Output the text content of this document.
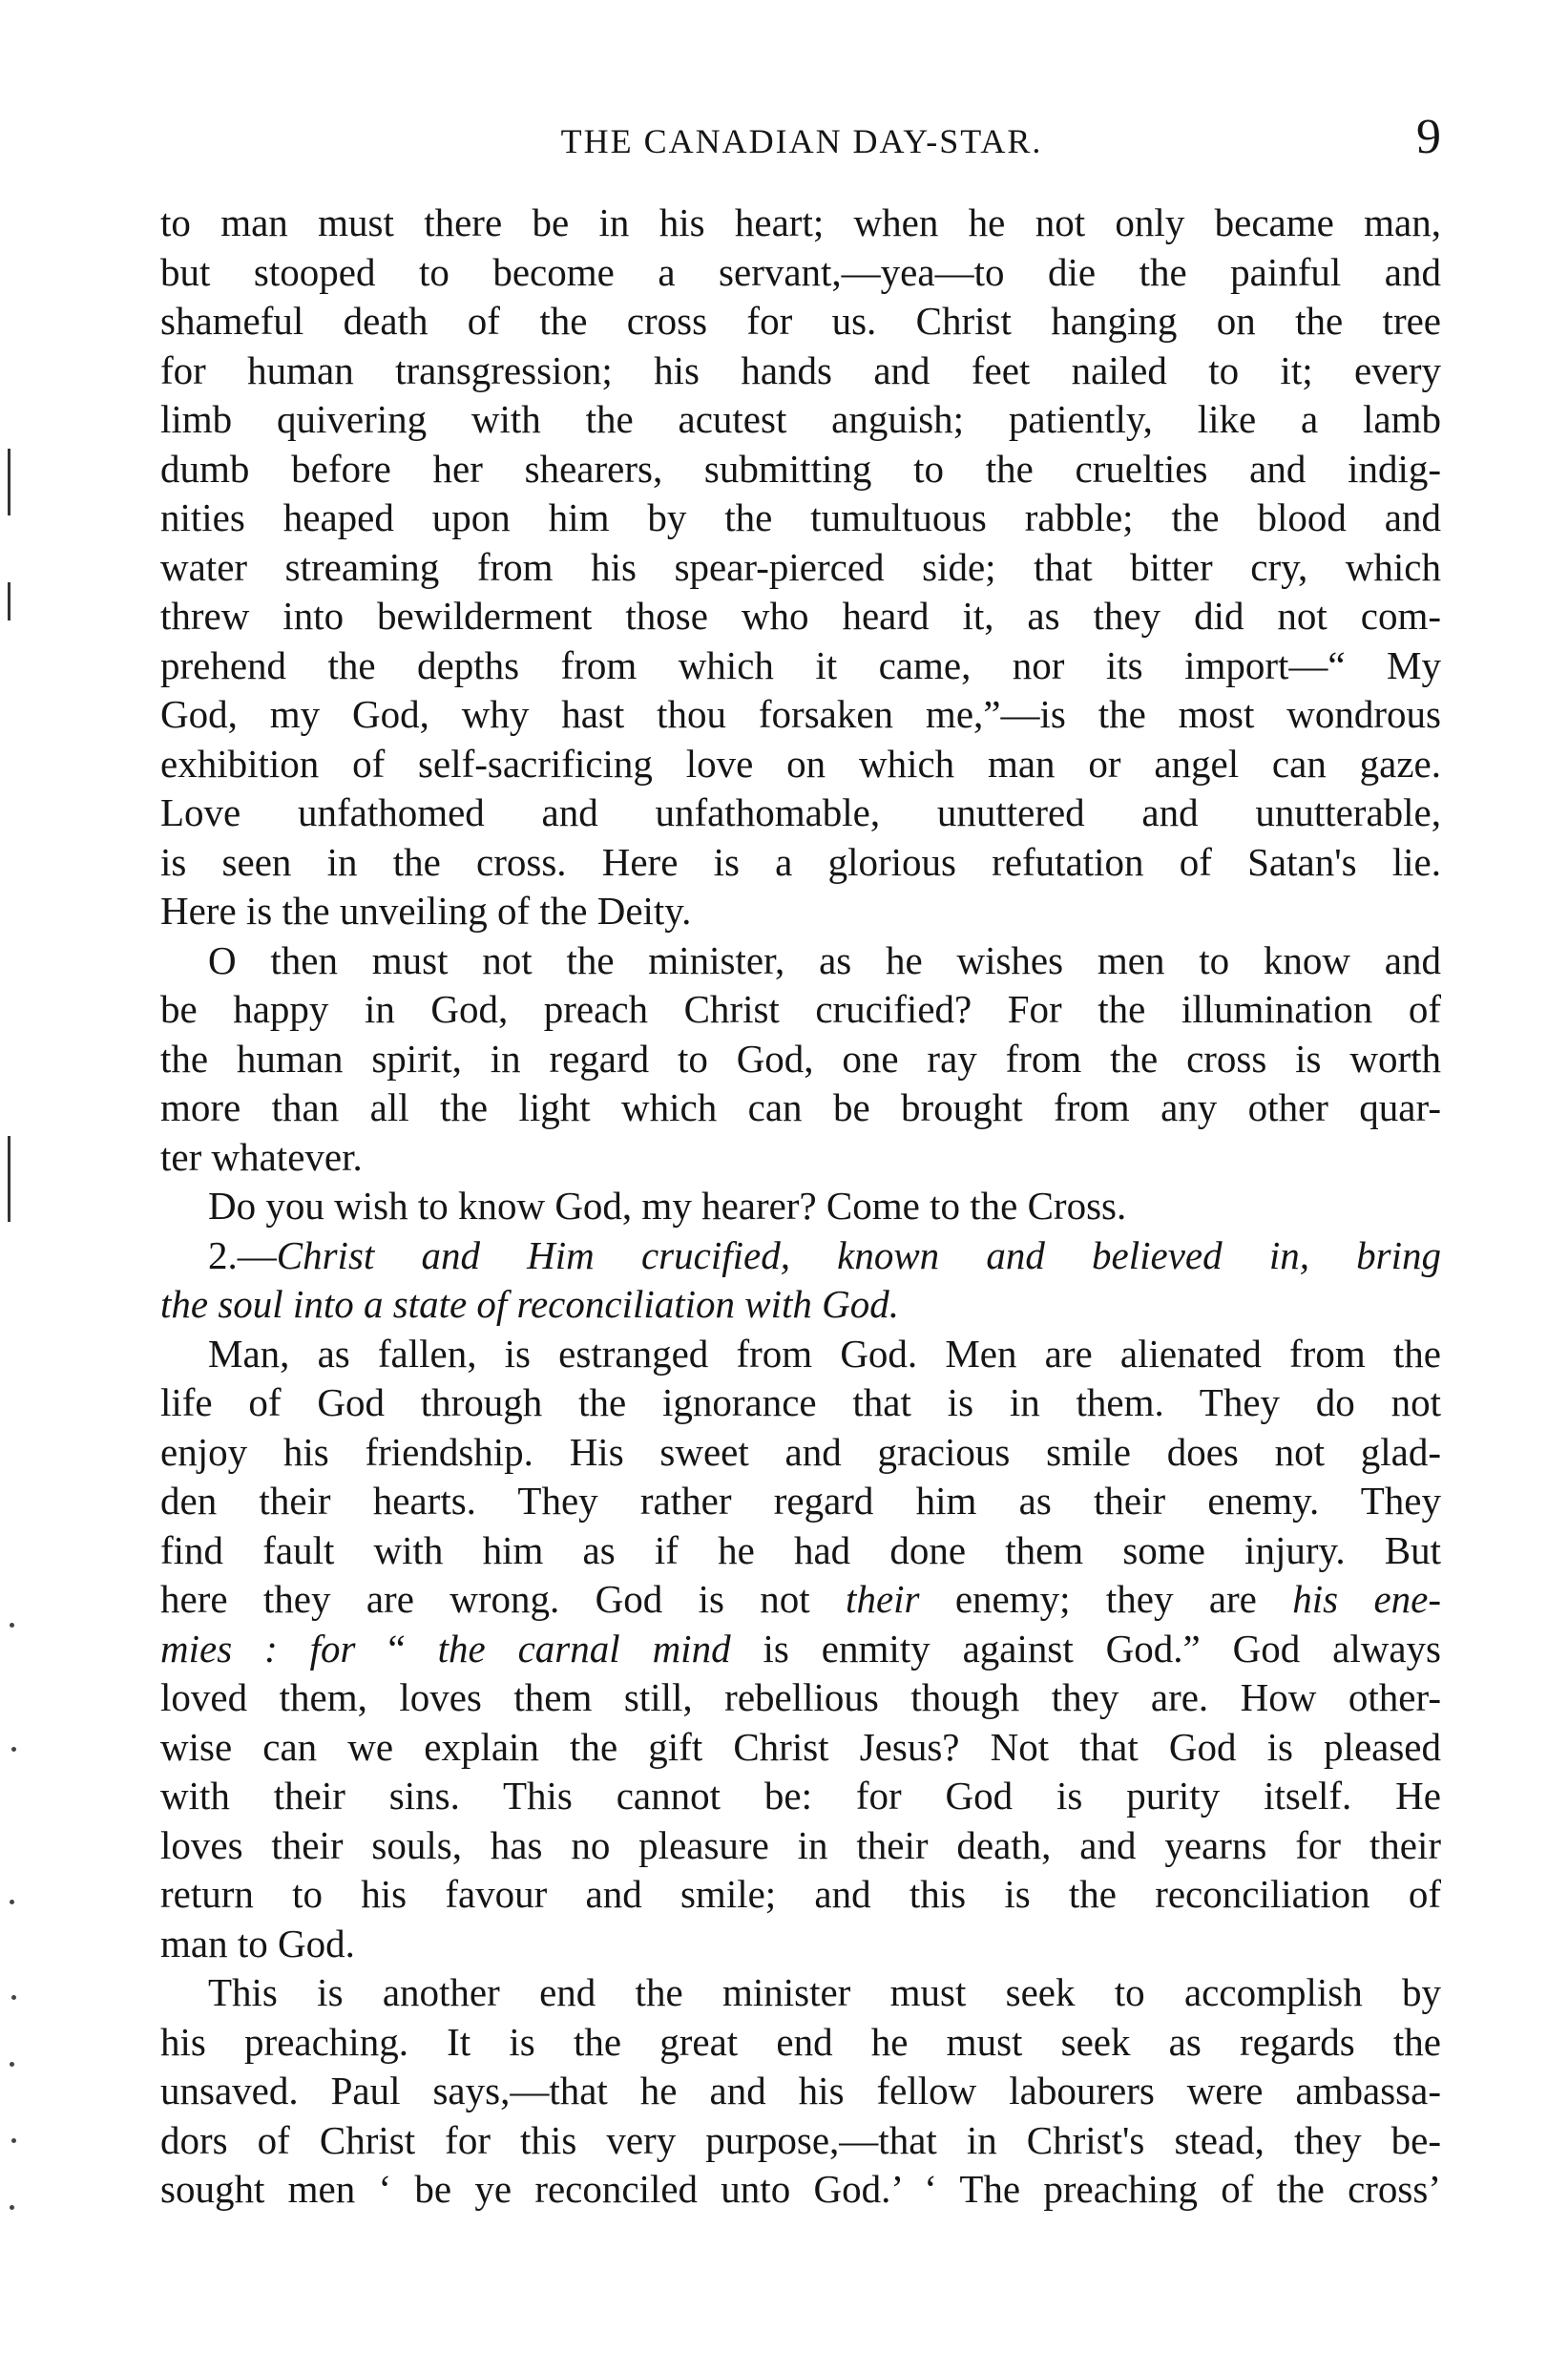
THE CANADIAN DAY-STAR.	9
to man must there be in his heart; when he not only became man,
but stooped to become a servant,—yea—to die the painful and
shameful death of the cross for us. Christ hanging on the tree
for human transgression; his hands and feet nailed to it; every
limb quivering with the acutest anguish; patiently, like a lamb
dumb before her shearers, submitting to the cruelties and indig-
nities heaped upon him by the tumultuous rabble; the blood and
water streaming from his spear-pierced side; that bitter cry, which
threw into bewilderment those who heard it, as they did not com-
prehend the depths from which it came, nor its import—“ My
God, my God, why hast thou forsaken me,”—is the most wondrous
exhibition of self-sacrificing love on which man or angel can gaze.
Love unfathomed and unfathomable, unuttered and unutterable,
is seen in the cross. Here is a glorious refutation of Satan's lie.
Here is the unveiling of the Deity.
O then must not the minister, as he wishes men to know and
be happy in God, preach Christ crucified? For the illumination of
the human spirit, in regard to God, one ray from the cross is worth
more than all the light which can be brought from any other quar-
ter whatever.
Do you wish to know God, my hearer? Come to the Cross.
2.—Christ and Him crucified, known and believed in, bring
the soul into a state of reconciliation with God.
Man, as fallen, is estranged from God. Men are alienated from the
life of God through the ignorance that is in them. They do not
enjoy his friendship. His sweet and gracious smile does not glad-
den their hearts. They rather regard him as their enemy. They
find fault with him as if he had done them some injury. But
here they are wrong. God is not their enemy; they are his ene-
mies : for “ the carnal mind is enmity against God.” God always
loved them, loves them still, rebellious though they are. How other-
wise can we explain the gift Christ Jesus? Not that God is pleased
with their sins. This cannot be: for God is purity itself. He
loves their souls, has no pleasure in their death, and yearns for their
return to his favour and smile; and this is the reconciliation of
man to God.
This is another end the minister must seek to accomplish by
his preaching. It is the great end he must seek as regards the
unsaved. Paul says,—that he and his fellow labourers were ambassa-
dors of Christ for this very purpose,—that in Christ's stead, they be-
sought men ‘ be ye reconciled unto God.’ ‘ The preaching of the cross’
